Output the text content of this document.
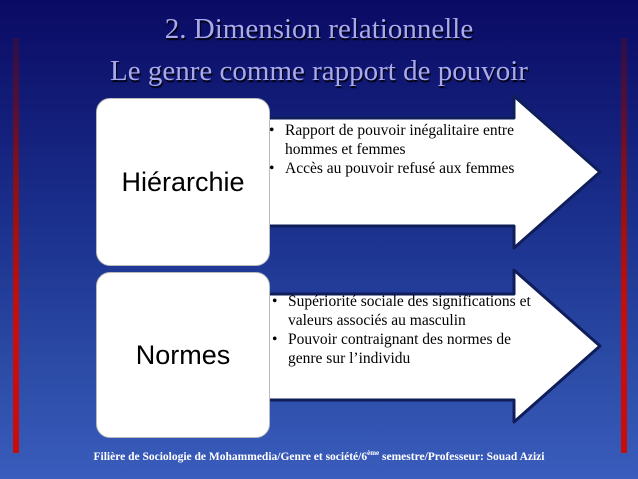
2. Dimension relationnelle
Le genre comme rapport de pouvoir
Hiérarchie
• Rapport de pouvoir inégalitaire entre hommes et femmes
• Accès au pouvoir refusé aux femmes
Normes
• Supériorité sociale des significations et valeurs associés au masculin
• Pouvoir contraignant des normes de genre sur l’individu
Filière de Sociologie de Mohammedia/Genre et société/6ème semestre/Professeur: Souad Azizi
